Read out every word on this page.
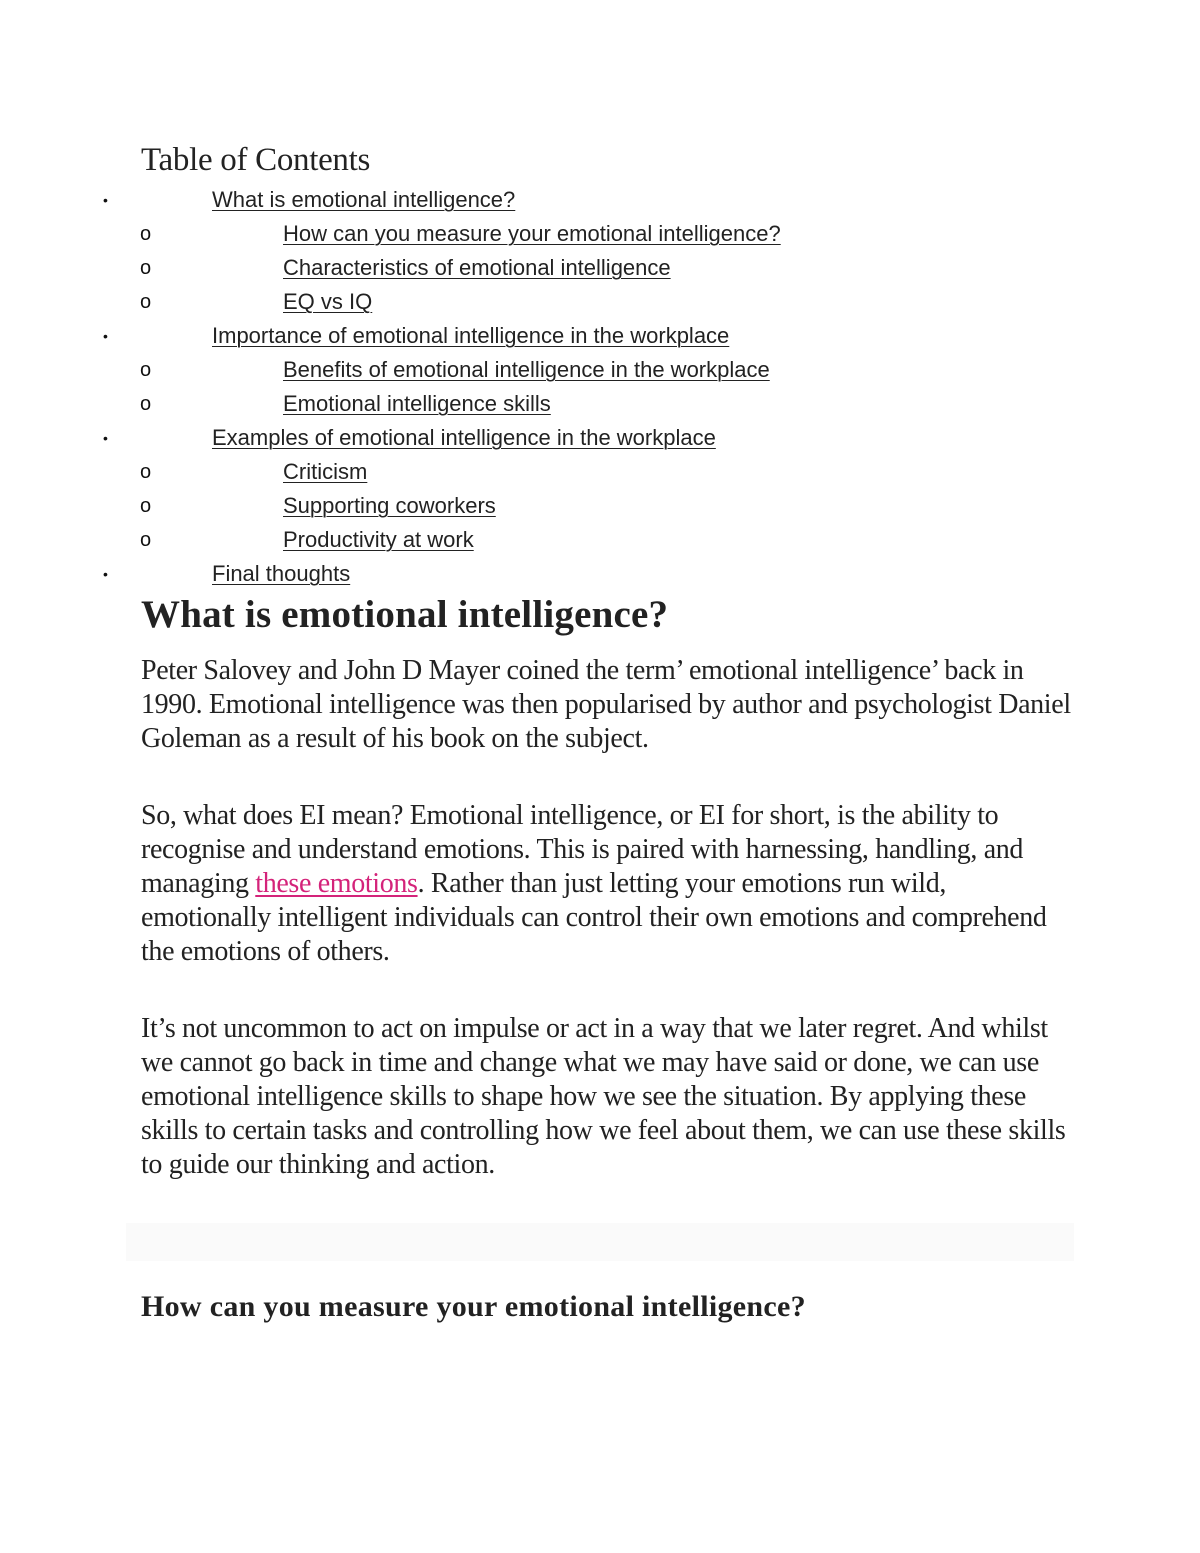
Table of Contents
•	What is emotional intelligence?
o	How can you measure your emotional intelligence?
o	Characteristics of emotional intelligence
o	EQ vs IQ
•	Importance of emotional intelligence in the workplace
o	Benefits of emotional intelligence in the workplace
o	Emotional intelligence skills
•	Examples of emotional intelligence in the workplace
o	Criticism
o	Supporting coworkers
o	Productivity at work
•	Final thoughts
What is emotional intelligence?

Peter Salovey and John D Mayer coined the term’ emotional intelligence’ back in 1990. Emotional intelligence was then popularised by author and psychologist Daniel Goleman as a result of his book on the subject.

So, what does EI mean? Emotional intelligence, or EI for short, is the ability to recognise and understand emotions. This is paired with harnessing, handling, and managing these emotions. Rather than just letting your emotions run wild, emotionally intelligent individuals can control their own emotions and comprehend the emotions of others.

It’s not uncommon to act on impulse or act in a way that we later regret. And whilst we cannot go back in time and change what we may have said or done, we can use emotional intelligence skills to shape how we see the situation. By applying these skills to certain tasks and controlling how we feel about them, we can use these skills to guide our thinking and action.

How can you measure your emotional intelligence?
